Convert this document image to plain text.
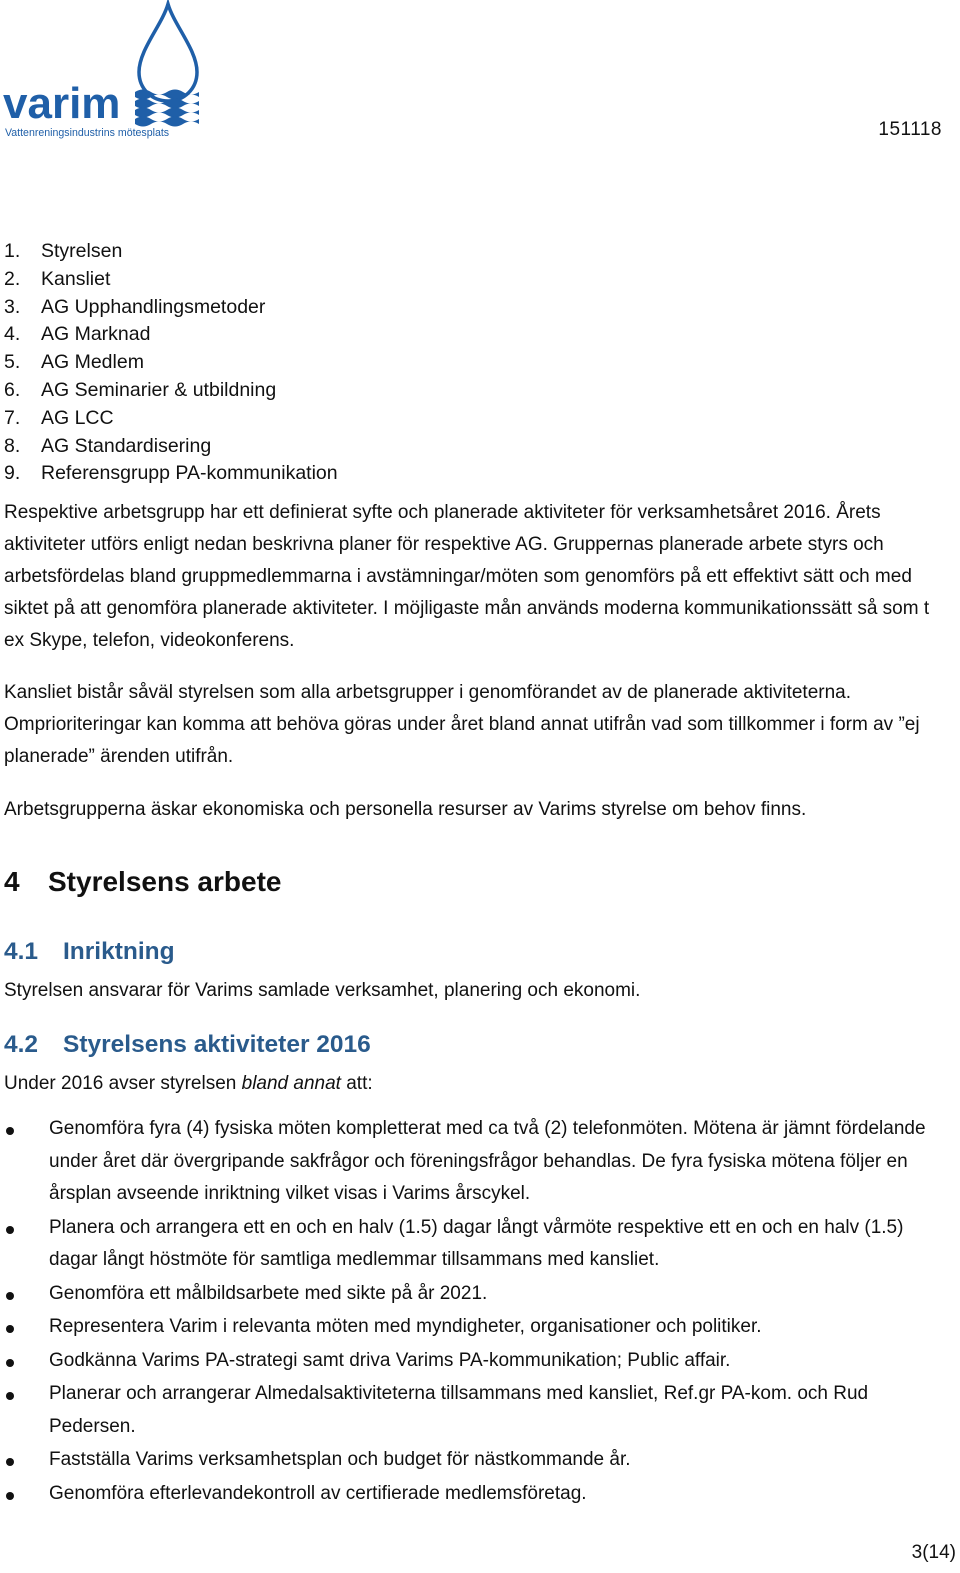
varim
Vattenreningsindustrins mötesplats	151118
1. Styrelsen
2. Kansliet
3. AG Upphandlingsmetoder
4. AG Marknad
5. AG Medlem
6. AG Seminarier & utbildning
7. AG LCC
8. AG Standardisering
9. Referensgrupp PA-kommunikation

Respektive arbetsgrupp har ett definierat syfte och planerade aktiviteter för verksamhetsåret 2016. Årets aktiviteter utförs enligt nedan beskrivna planer för respektive AG. Gruppernas planerade arbete styrs och arbetsfördelas bland gruppmedlemmarna i avstämningar/möten som genomförs på ett effektivt sätt och med siktet på att genomföra planerade aktiviteter. I möjligaste mån används moderna kommunikationssätt så som t ex Skype, telefon, videokonferens.

Kansliet bistår såväl styrelsen som alla arbetsgrupper i genomförandet av de planerade aktiviteterna. Omprioriteringar kan komma att behöva göras under året bland annat utifrån vad som tillkommer i form av ”ej planerade” ärenden utifrån.

Arbetsgrupperna äskar ekonomiska och personella resurser av Varims styrelse om behov finns.

4 Styrelsens arbete
4.1 Inriktning

Styrelsen ansvarar för Varims samlade verksamhet, planering och ekonomi.

4.2 Styrelsens aktiviteter 2016

Under 2016 avser styrelsen bland annat att:

Genomföra fyra (4) fysiska möten kompletterat med ca två (2) telefonmöten. Mötena är jämnt fördelande under året där övergripande sakfrågor och föreningsfrågor behandlas. De fyra fysiska mötena följer en årsplan avseende inriktning vilket visas i Varims årscykel.
Planera och arrangera ett en och en halv (1.5) dagar långt vårmöte respektive ett en och en halv (1.5) dagar långt höstmöte för samtliga medlemmar tillsammans med kansliet.
Genomföra ett målbildsarbete med sikte på år 2021.
Representera Varim i relevanta möten med myndigheter, organisationer och politiker.
Godkänna Varims PA-strategi samt driva Varims PA-kommunikation; Public affair.
Planerar och arrangerar Almedalsaktiviteterna tillsammans med kansliet, Ref.gr PA-kom. och Rud Pedersen.
Fastställa Varims verksamhetsplan och budget för nästkommande år.
Genomföra efterlevandekontroll av certifierade medlemsföretag.
3(14)
